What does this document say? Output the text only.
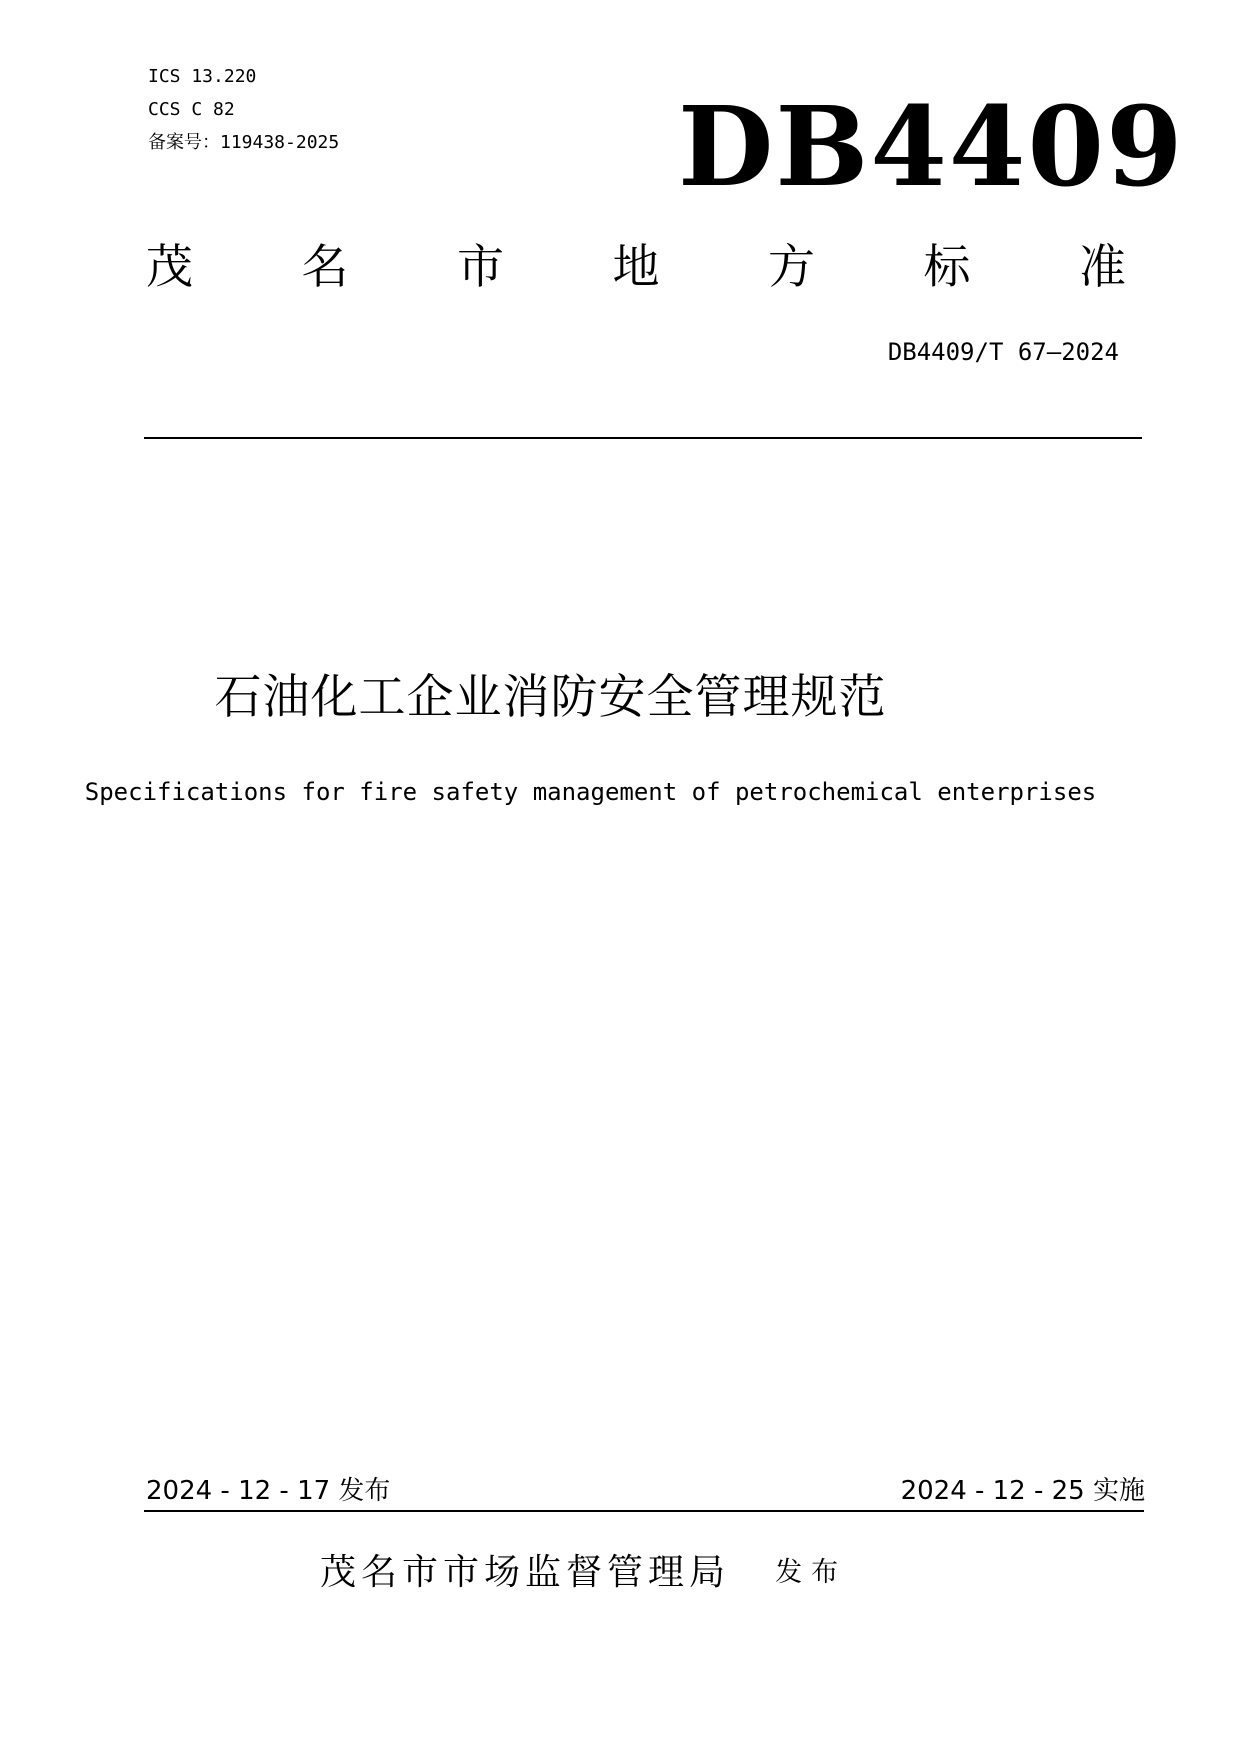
ICS 13.220
CCS C 82
备案号：119438-2025	DB4409
茂 名 市 地 方 标 准
DB4409/T 67—2024
石油化工企业消防安全管理规范
Specifications for fire safety management of petrochemical enterprises
2024 - 12 - 17 发布	2024 - 12 - 25 实施
茂名市市场监督管理局 发布
